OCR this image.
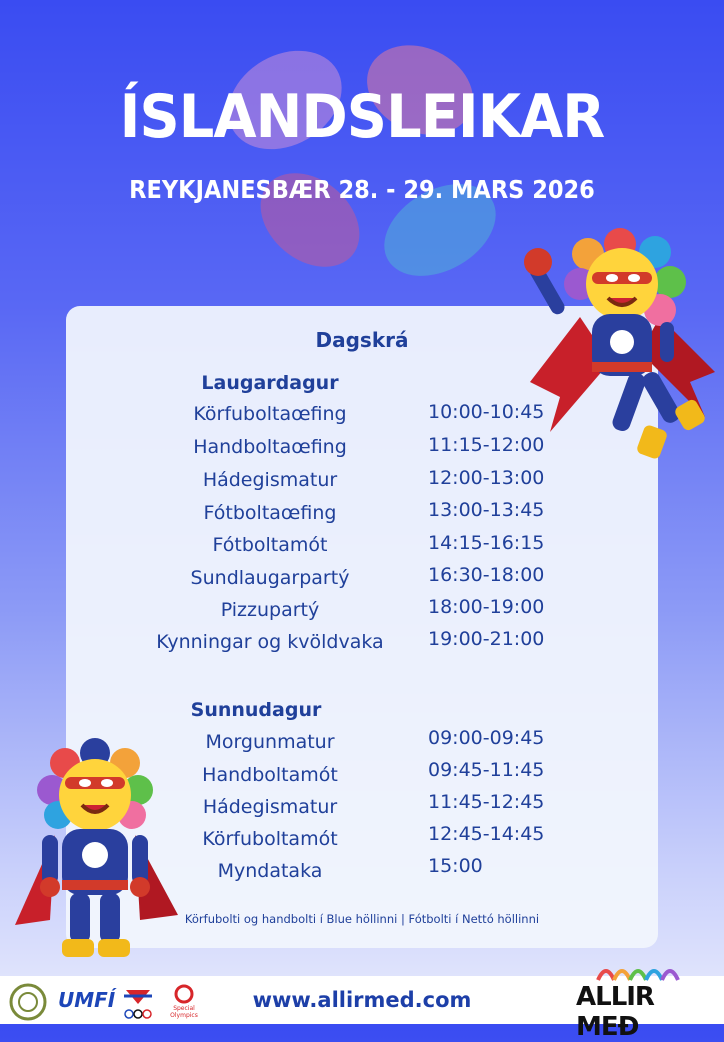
ÍSLANDSLEIKAR
REYKJANESBÆR 28. - 29. MARS 2026
Dagskrá
Laugardagur
Körfuboltaœfing	10:00-10:45
Handboltaœfing	11:15-12:00
Hádegismatur	12:00-13:00
Fótboltaœfing	13:00-13:45
Fótboltamót	14:15-16:15
Sundlaugarpartý	16:30-18:00
Pizzupartý	18:00-19:00
Kynningar og kvöldvaka	19:00-21:00
Sunnudagur
Morgunmatur	09:00-09:45
Handboltamót	09:45-11:45
Hádegismatur	11:45-12:45
Körfuboltamót	12:45-14:45
Myndataka	15:00
Körfubolti og handbolti í Blue höllinni | Fótbolti í Nettó höllinni
UMFÍ	Special
Olympics
www.allirmed.com	ALLIR MEÐ
